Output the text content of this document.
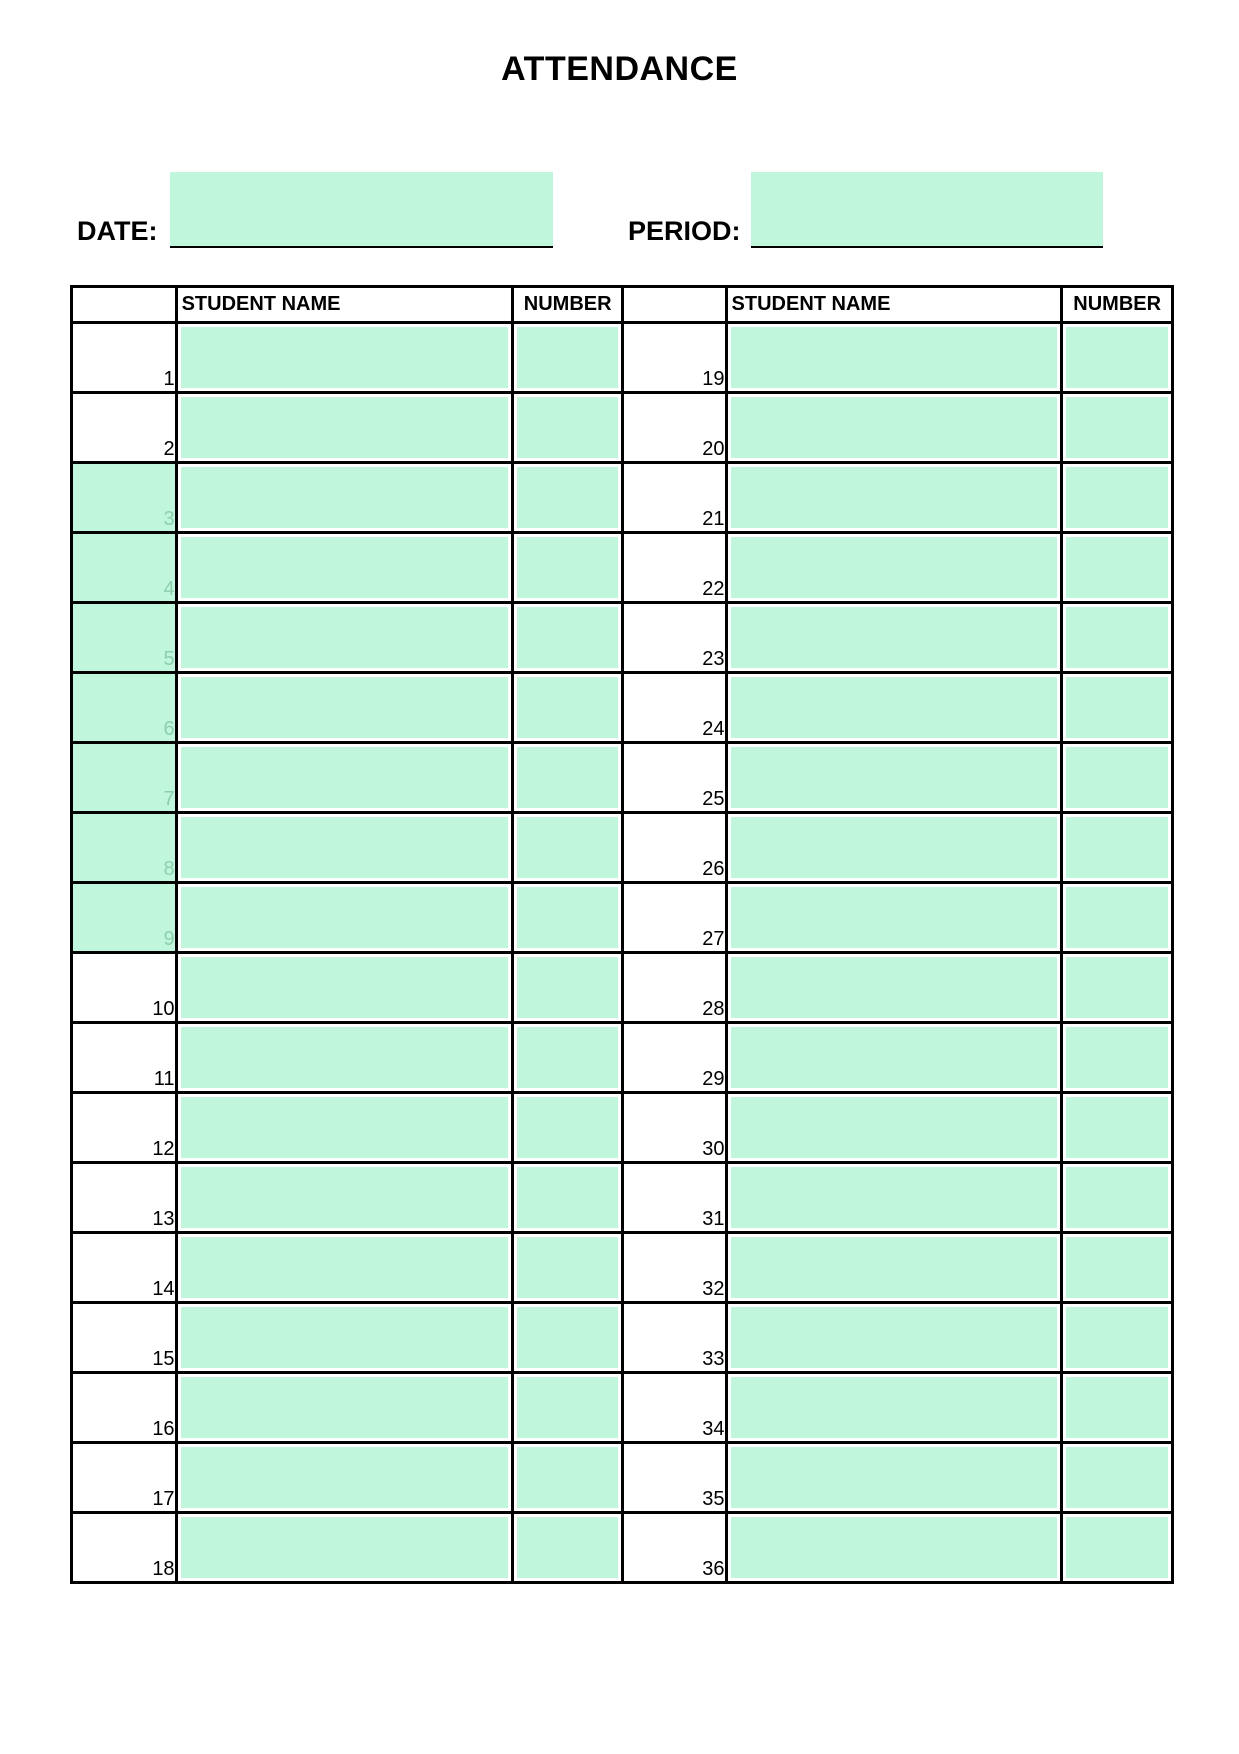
ATTENDANCE
DATE:	PERIOD:
	STUDENT NAME	NUMBER		STUDENT NAME	NUMBER
1			19	

2			20	

3			21	

4			22	

5			23	

6			24	

7			25	

8			26	

9			27	

10			28	

11			29	

12			30	

13			31	

14			32	

15			33	

16			34	

17			35	

18			36	
